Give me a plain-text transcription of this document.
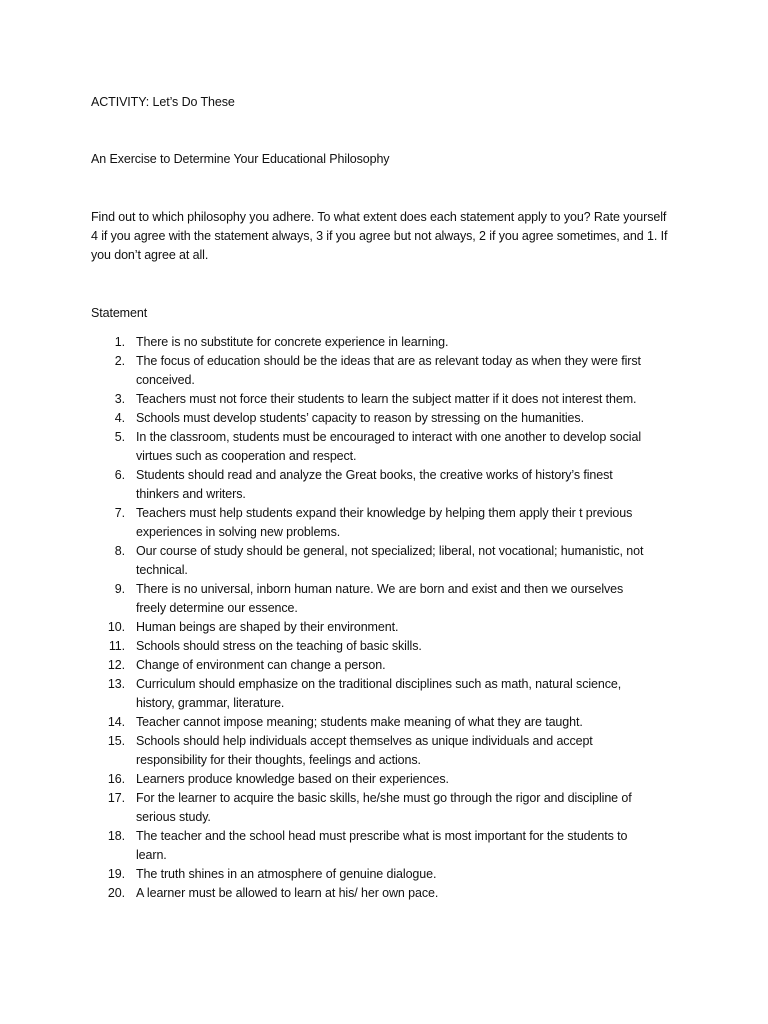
ACTIVITY: Let’s Do These
An Exercise to Determine Your Educational Philosophy

Find out to which philosophy you adhere. To what extent does each statement apply to you? Rate yourself 4 if you agree with the statement always, 3 if you agree but not always, 2 if you agree sometimes, and 1. If you don’t agree at all.

Statement
1. There is no substitute for concrete experience in learning.
2. The focus of education should be the ideas that are as relevant today as when they were first conceived.
3. Teachers must not force their students to learn the subject matter if it does not interest them.
4. Schools must develop students’ capacity to reason by stressing on the humanities.
5. In the classroom, students must be encouraged to interact with one another to develop social virtues such as cooperation and respect.
6. Students should read and analyze the Great books, the creative works of history’s finest thinkers and writers.
7. Teachers must help students expand their knowledge by helping them apply their t previous experiences in solving new problems.
8. Our course of study should be general, not specialized; liberal, not vocational; humanistic, not technical.
9. There is no universal, inborn human nature. We are born and exist and then we ourselves freely determine our essence.
10. Human beings are shaped by their environment.
11. Schools should stress on the teaching of basic skills.
12. Change of environment can change a person.
13. Curriculum should emphasize on the traditional disciplines such as math, natural science, history, grammar, literature.
14. Teacher cannot impose meaning; students make meaning of what they are taught.
15. Schools should help individuals accept themselves as unique individuals and accept responsibility for their thoughts, feelings and actions.
16. Learners produce knowledge based on their experiences.
17. For the learner to acquire the basic skills, he/she must go through the rigor and discipline of serious study.
18. The teacher and the school head must prescribe what is most important for the students to learn.
19. The truth shines in an atmosphere of genuine dialogue.
20. A learner must be allowed to learn at his/ her own pace.
